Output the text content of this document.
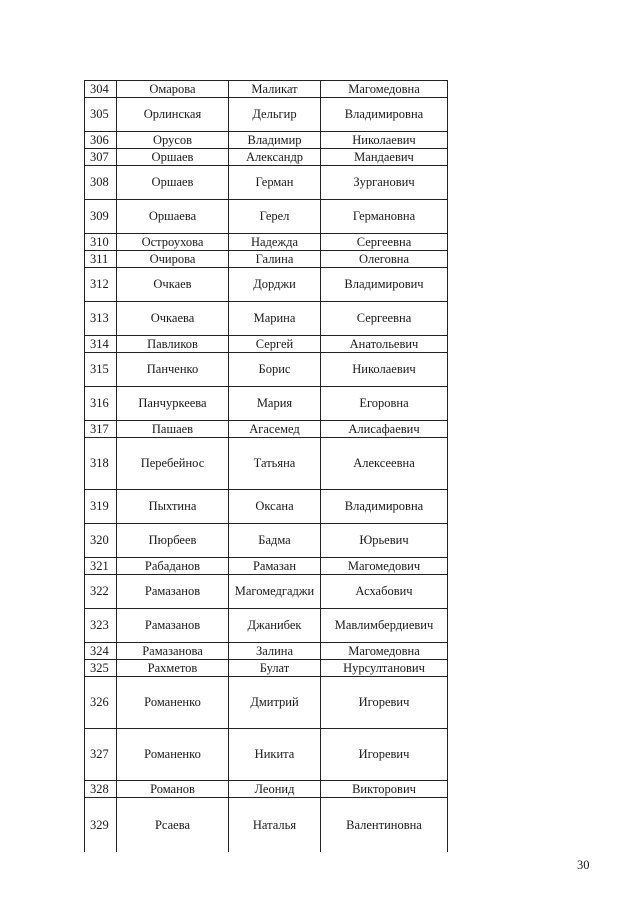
304	Омарова	Маликат	Магомедовна
305	Орлинская	Дельгир	Владимировна
306	Орусов	Владимир	Николаевич
307	Оршаев	Александр	Мандаевич
308	Оршаев	Герман	Зурганович
309	Оршаева	Герел	Германовна
310	Остроухова	Надежда	Сергеевна
311	Очирова	Галина	Олеговна
312	Очкаев	Дорджи	Владимирович
313	Очкаева	Марина	Сергеевна
314	Павликов	Сергей	Анатольевич
315	Панченко	Борис	Николаевич
316	Панчуркеева	Мария	Егоровна
317	Пашаев	Агасемед	Алисафаевич
318	Перебейнос	Татьяна	Алексеевна
319	Пыхтина	Оксана	Владимировна
320	Пюрбеев	Бадма	Юрьевич
321	Рабаданов	Рамазан	Магомедович
322	Рамазанов	Магомедгаджи	Асхабович
323	Рамазанов	Джанибек	Мавлимбердиевич
324	Рамазанова	Залина	Магомедовна
325	Рахметов	Булат	Нурсултанович
326	Романенко	Дмитрий	Игоревич
327	Романенко	Никита	Игоревич
328	Романов	Леонид	Викторович
329	Рсаева	Наталья	Валентиновна
30
